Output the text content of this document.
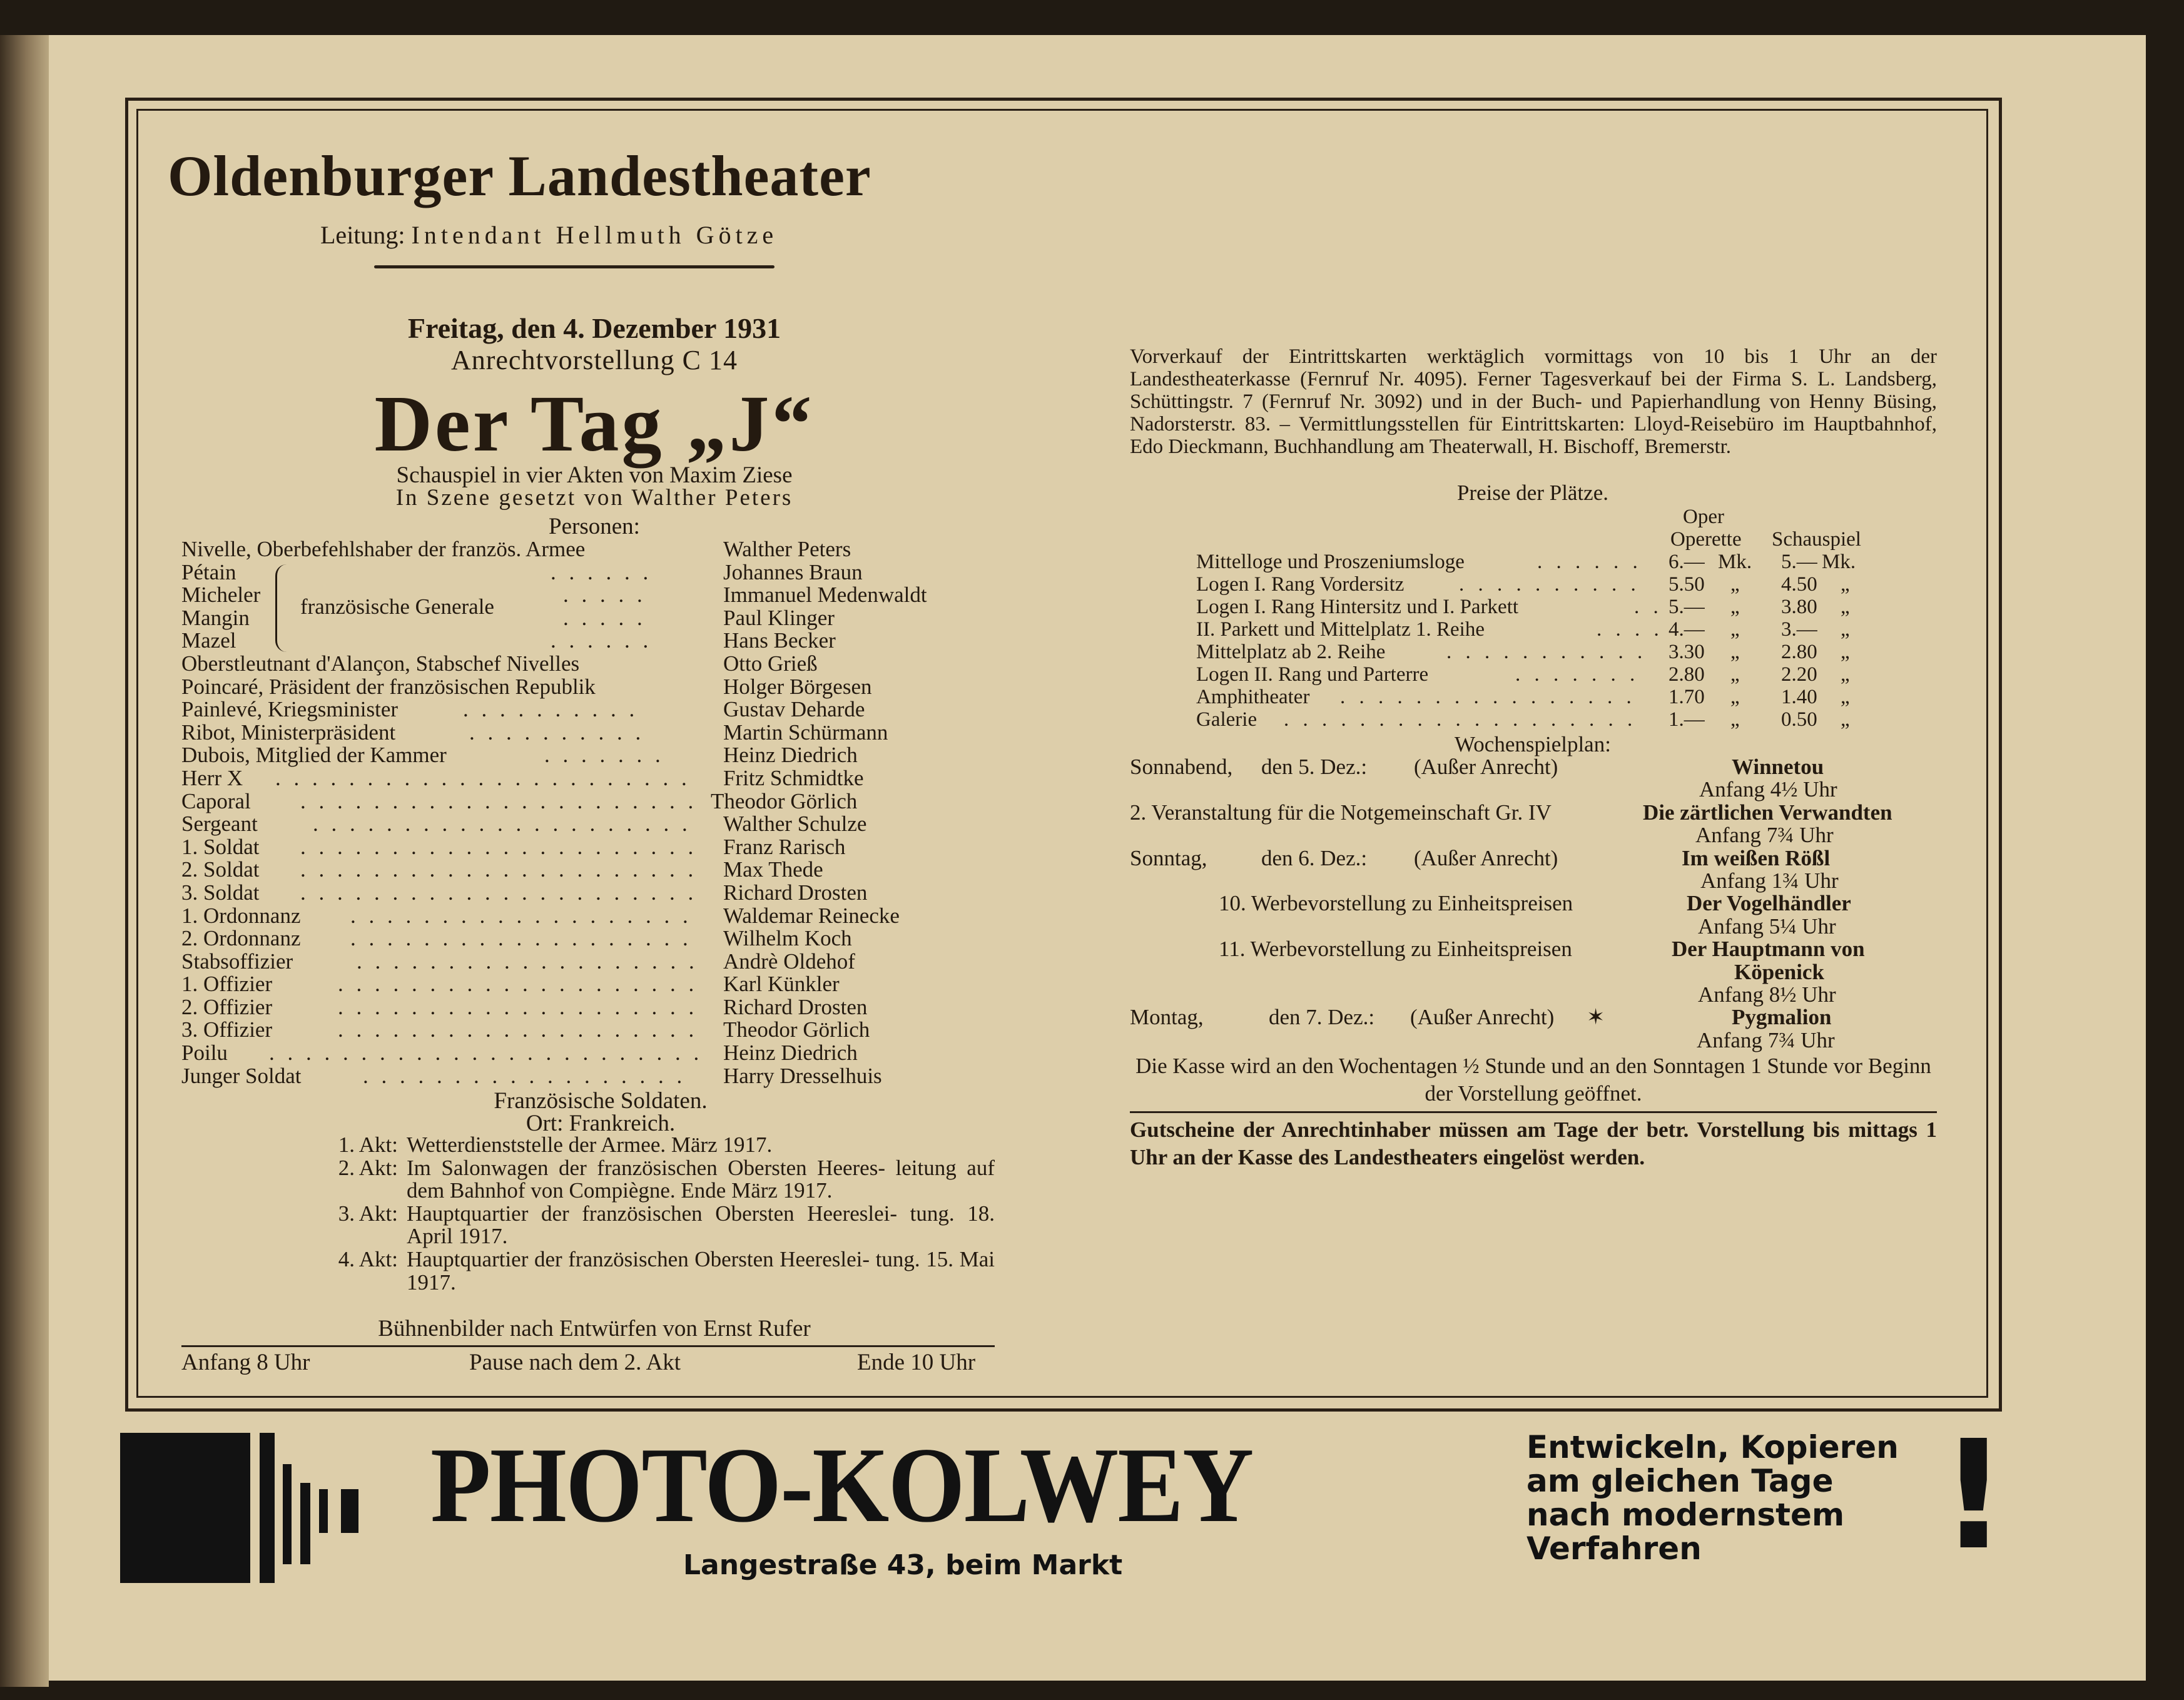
Oldenburger Landestheater
Leitung: Intendant Hellmuth Götze
Freitag, den 4. Dezember 1931
Anrechtvorstellung C 14
Der Tag „J“
Schauspiel in vier Akten von Maxim Ziese
In Szene gesetzt von Walther Peters
Personen:
Nivelle, Oberbefehlshaber der französ. Armee	Walther Peters
Pétain	. . . . . .	Johannes Braun
Micheler	. . . . .	Immanuel Medenwaldt
Mangin	. . . . .	Paul Klinger
Mazel	. . . . . .	Hans Becker
Oberstleutnant d'Alançon, Stabschef Nivelles	Otto Grieß
Poincaré, Präsident der französischen Republik	Holger Börgesen
Painlevé, Kriegsminister	. . . . . . . . . .	Gustav Deharde
Ribot, Ministerpräsident	. . . . . . . . . .	Martin Schürmann
Dubois, Mitglied der Kammer	. . . . . . .	Heinz Diedrich
Herr X . . . . . . . . . . . . . . . . . . . . . . . Fritz Schmidtke
Caporal . . . . . . . . . . . . . . . . . . . . . . Theodor Görlich
Sergeant	. . . . . . . . . . . . . . . . . . . . . Walther Schulze
1. Soldat . . . . . . . . . . . . . . . . . . . . . . Franz Rarisch
2. Soldat . . . . . . . . . . . . . . . . . . . . . . Max Thede
3. Soldat . . . . . . . . . . . . . . . . . . . . . . Richard Drosten
1. Ordonnanz . . . . . . . . . . . . . . . . . . . Waldemar Reinecke
2. Ordonnanz . . . . . . . . . . . . . . . . . . . Wilhelm Koch
Stabsoffizier	. . . . . . . . . . . . . . . . . . . Andrè Oldehof
1. Offizier	. . . . . . . . . . . . . . . . . . . . Karl Künkler
2. Offizier	. . . . . . . . . . . . . . . . . . . . Richard Drosten
3. Offizier	. . . . . . . . . . . . . . . . . . . . Theodor Görlich
Poilu . . . . . . . . . . . . . . . . . . . . . . . . Heinz Diedrich
Junger Soldat	. . . . . . . . . . . . . . . . . . Harry Dresselhuis
französische Generale
Französische Soldaten.
Ort: Frankreich.
1. Akt: Wetterdienststelle der Armee. März 1917.
2. Akt: Im Salonwagen der französischen Obersten Heeres- leitung auf dem Bahnhof von Compiègne. Ende März 1917.
3. Akt: Hauptquartier der französischen Obersten Heereslei- tung. 18. April 1917.
4. Akt: Hauptquartier der französischen Obersten Heereslei- tung. 15. Mai 1917.
Bühnenbilder nach Entwürfen von Ernst Rufer
Anfang 8 Uhr	Pause nach dem 2. Akt	Ende 10 Uhr
Vorverkauf der Eintrittskarten werktäglich vormittags von 10 bis 1 Uhr an der Landestheaterkasse (Fernruf Nr. 4095). Ferner Tagesverkauf bei der Firma S. L. Landsberg, Schüttingstr. 7 (Fernruf Nr. 3092) und in der Buch- und Papierhandlung von Henny Büsing, Nadorsterstr. 83. – Vermittlungsstellen für Eintrittskarten: Lloyd-Reisebüro im Hauptbahnhof, Edo Dieckmann, Buchhandlung am Theaterwall, H. Bischoff, Bremerstr.
Preise der Plätze.
Oper
Operette Schauspiel
Mittelloge und Proszeniumsloge	. . . . . . 6.— Mk. 5.— Mk.
Logen I. Rang Vordersitz	. . . . . . . . . . 5.50 „ 4.50 „
Logen I. Rang Hintersitz und I. Parkett	. . 5.— „ 3.80 „
II. Parkett und Mittelplatz 1. Reihe	. . . . 4.— „ 3.— „
Mittelplatz ab 2. Reihe	. . . . . . . . . . . 3.30 „ 2.80 „
Logen II. Rang und Parterre	. . . . . . . 2.80 „ 2.20 „
Amphitheater . . . . . . . . . . . . . . . . 1.70 „ 1.40 „
Galerie . . . . . . . . . . . . . . . . . . . 1.— „ 0.50 „
Wochenspielplan:
Sonnabend, den 5. Dez.: (Außer Anrecht)	Winnetou
Anfang 4½ Uhr
2. Veranstaltung für die Notgemeinschaft Gr. IV	Die zärtlichen Verwandten
Anfang 7¾ Uhr
Sonntag, den 6. Dez.: (Außer Anrecht)	Im weißen Rößl
Anfang 1¾ Uhr
10. Werbevorstellung zu Einheitspreisen	Der Vogelhändler
Anfang 5¼ Uhr
11. Werbevorstellung zu Einheitspreisen	Der Hauptmann von
Köpenick
Anfang 8½ Uhr
Montag,	den 7. Dez.: (Außer Anrecht) ✶	Pygmalion
Anfang 7¾ Uhr
Die Kasse wird an den Wochentagen ½ Stunde und an den Sonntagen 1 Stunde vor Beginn der Vorstellung geöffnet.
Gutscheine der Anrechtinhaber müssen am Tage der betr. Vorstellung bis mittags 1 Uhr an der Kasse des Landestheaters eingelöst werden.
PHOTO-KOLWEY
Langestraße 43, beim Markt
Entwickeln, Kopieren
am gleichen Tage
nach modernstem
Verfahren !
